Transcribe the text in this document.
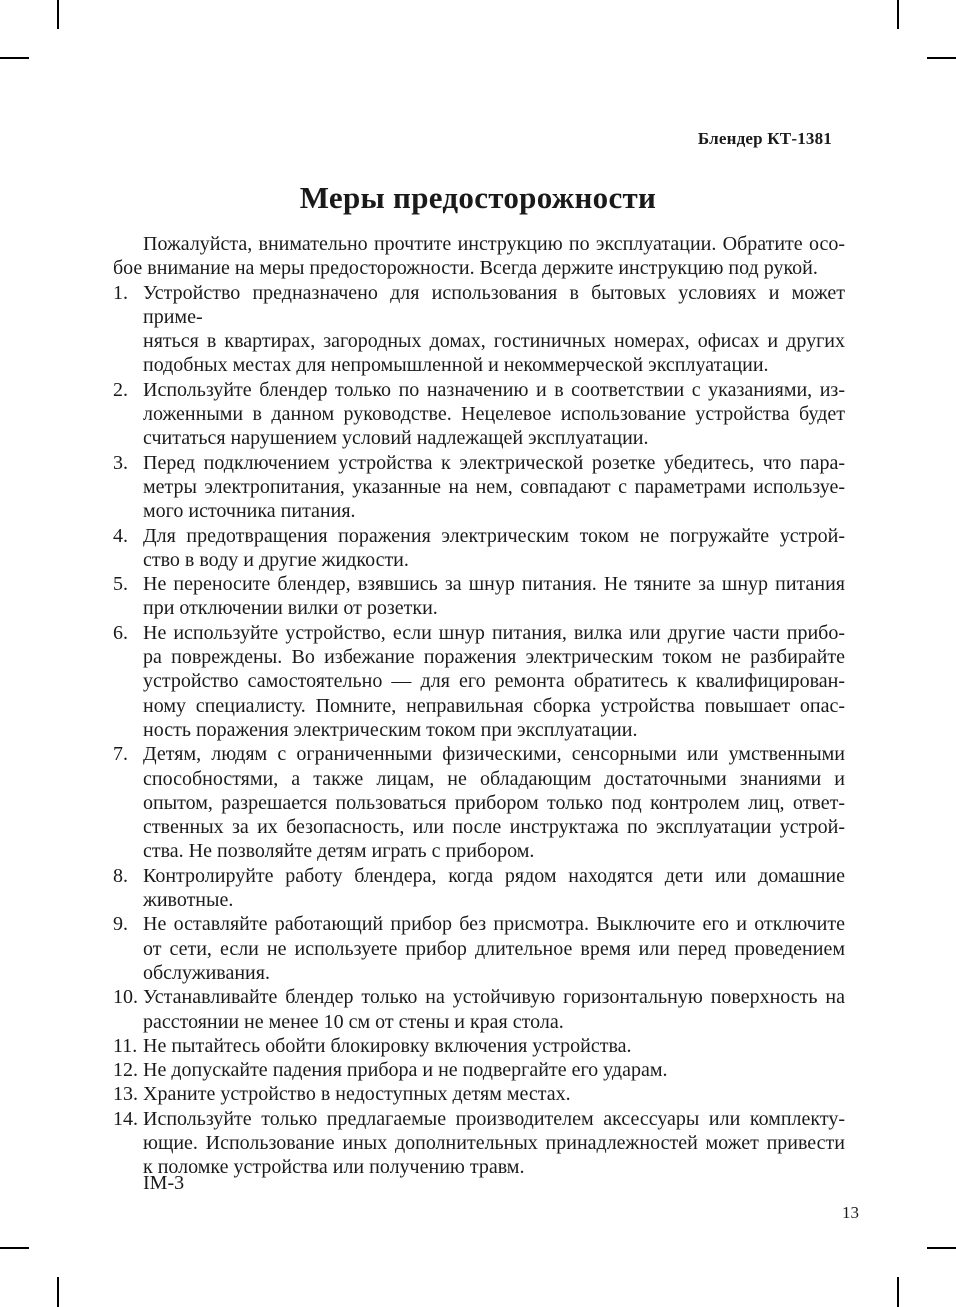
Блендер КТ-1381
Меры предосторожности
Пожалуйста, внимательно прочтите инструкцию по эксплуатации. Обратите осо-
бое внимание на меры предосторожности. Всегда держите инструкцию под рукой.
1. Устройство предназначено для использования в бытовых условиях и может приме-
няться в квартирах, загородных домах, гостиничных номерах, офисах и других
подобных местах для непромышленной и некоммерческой эксплуатации.
2. Используйте блендер только по назначению и в соответствии с указаниями, из-
ложенными в данном руководстве. Нецелевое использование устройства будет
считаться нарушением условий надлежащей эксплуатации.
3. Перед подключением устройства к электрической розетке убедитесь, что пара-
метры электропитания, указанные на нем, совпадают с параметрами используе-
мого источника питания.
4. Для предотвращения поражения электрическим током не погружайте устрой-
ство в воду и другие жидкости.
5. Не переносите блендер, взявшись за шнур питания. Не тяните за шнур питания
при отключении вилки от розетки.
6. Не используйте устройство, если шнур питания, вилка или другие части прибо-
ра повреждены. Во избежание поражения электрическим током не разбирайте
устройство самостоятельно — для его ремонта обратитесь к квалифицирован-
ному специалисту. Помните, неправильная сборка устройства повышает опас-
ность поражения электрическим током при эксплуатации.
7. Детям, людям с ограниченными физическими, сенсорными или умственными
способностями, а также лицам, не обладающим достаточными знаниями и
опытом, разрешается пользоваться прибором только под контролем лиц, ответ-
ственных за их безопасность, или после инструктажа по эксплуатации устрой-
ства. Не позволяйте детям играть с прибором.
8. Контролируйте работу блендера, когда рядом находятся дети или домашние
животные.
9. Не оставляйте работающий прибор без присмотра. Выключите его и отключите
от сети, если не используете прибор длительное время или перед проведением
обслуживания.
10. Устанавливайте блендер только на устойчивую горизонтальную поверхность на
расстоянии не менее 10 см от стены и края стола.
11. Не пытайтесь обойти блокировку включения устройства.
12. Не допускайте падения прибора и не подвергайте его ударам.
13. Храните устройство в недоступных детям местах.
14. Используйте только предлагаемые производителем аксессуары или комплекту-
ющие. Использование иных дополнительных принадлежностей может привести
к поломке устройства или получению травм.
IM-3
13
